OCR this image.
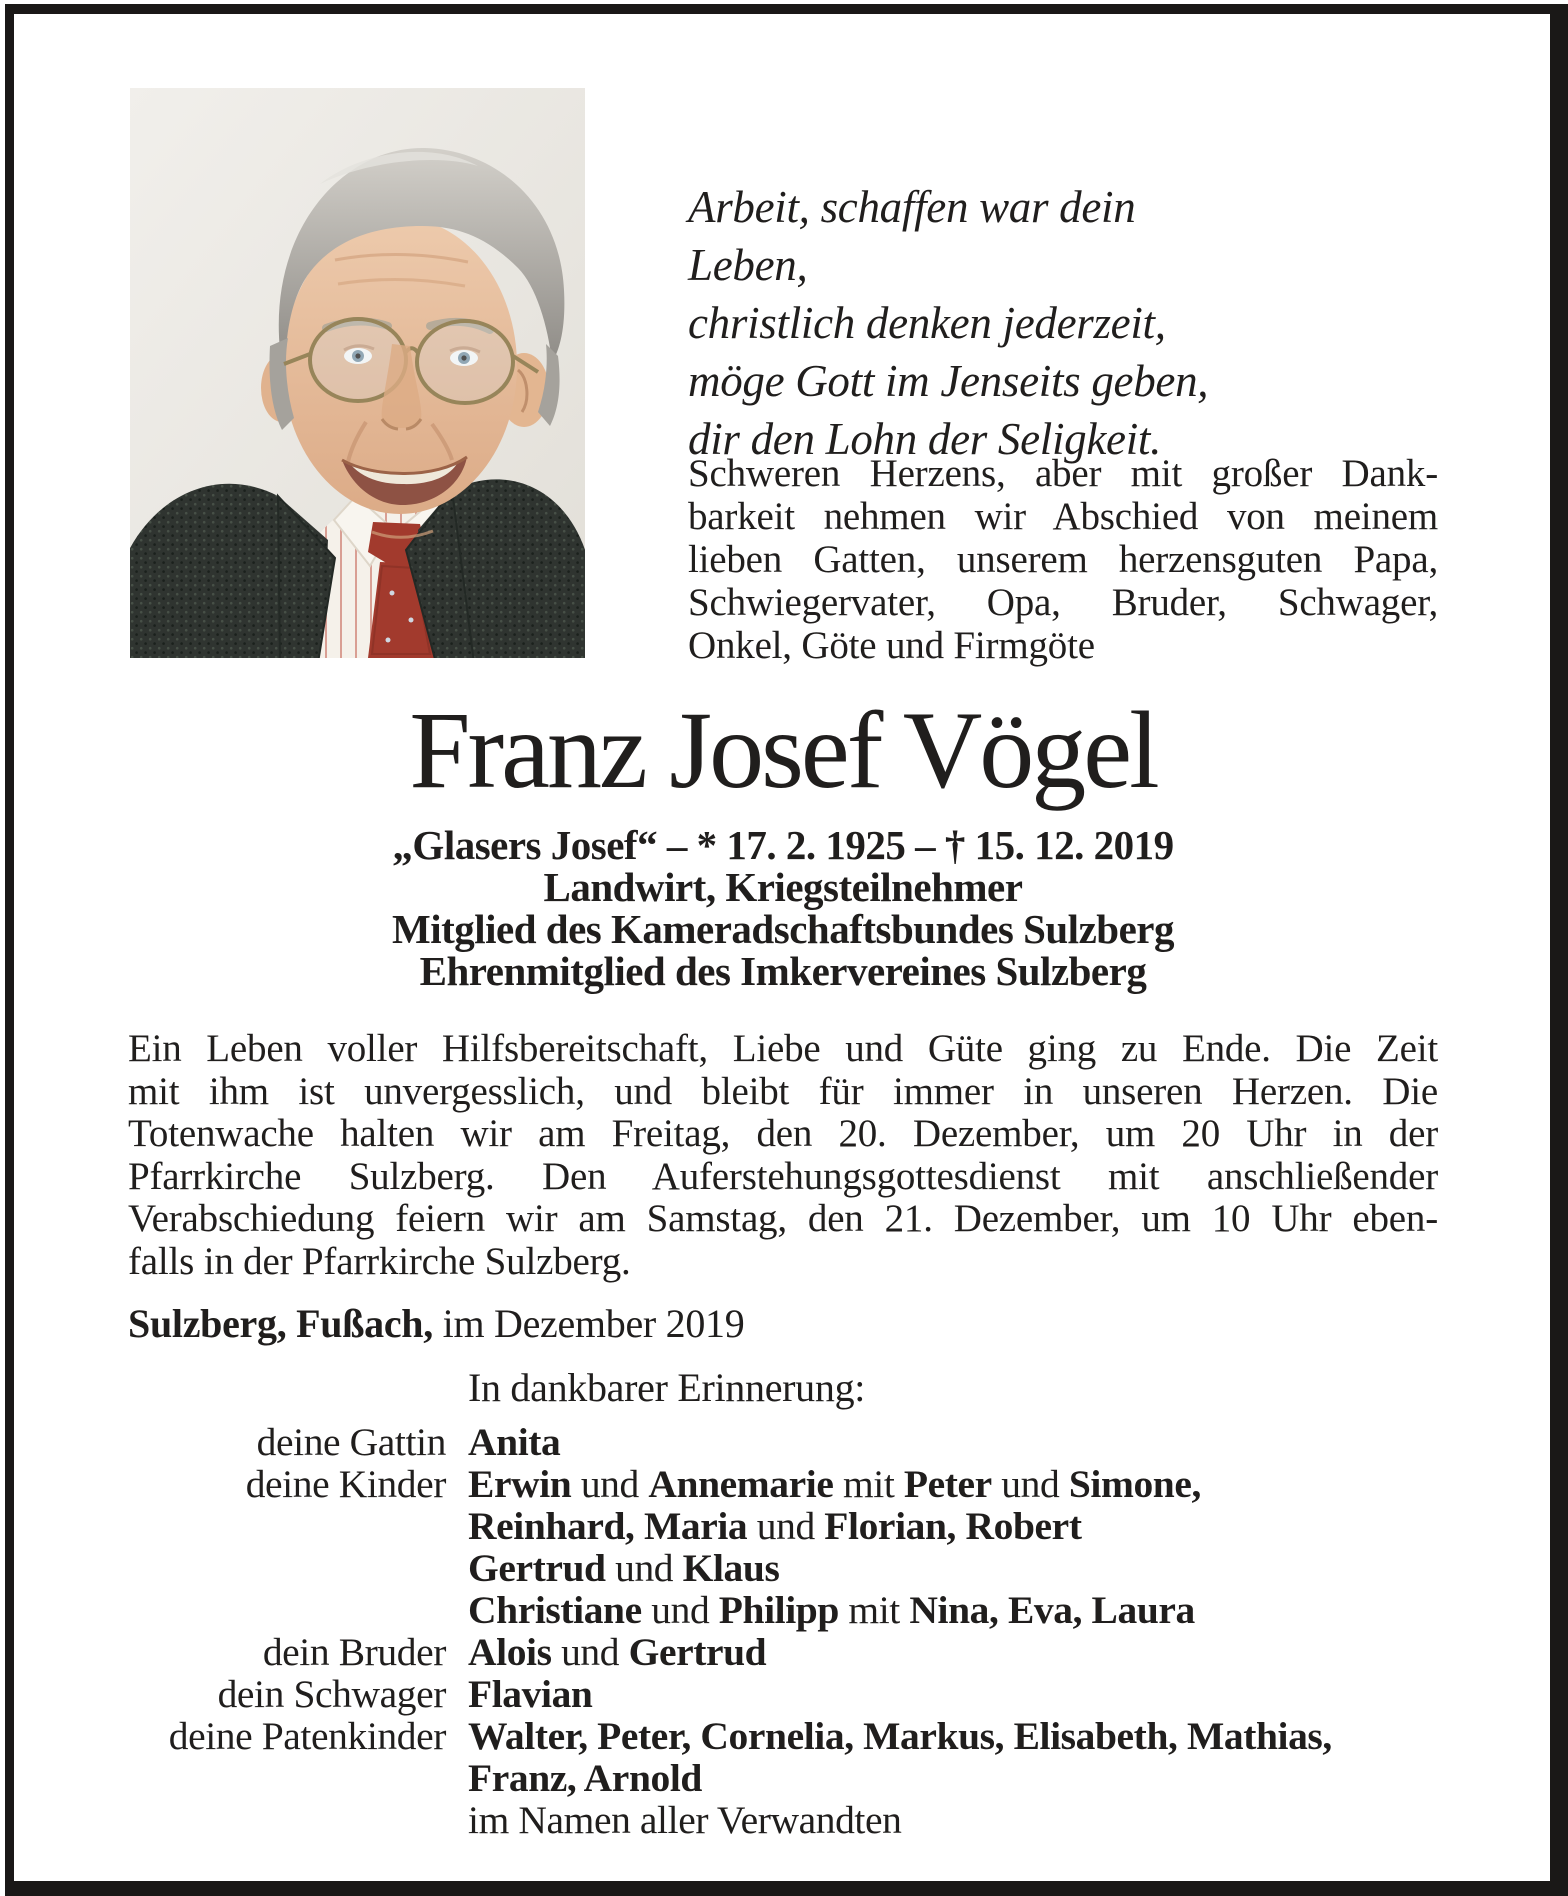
Arbeit, schaffen war dein Leben,
christlich denken jederzeit,
möge Gott im Jenseits geben,
dir den Lohn der Seligkeit.
Schweren Herzens, aber mit großer Dank-
barkeit nehmen wir Abschied von meinem
lieben Gatten, unserem herzensguten Papa,
Schwiegervater, Opa, Bruder, Schwager,
Onkel, Göte und Firmgöte
Franz Josef Vögel
„Glasers Josef“ – * 17. 2. 1925 – † 15. 12. 2019
Landwirt, Kriegsteilnehmer
Mitglied des Kameradschaftsbundes Sulzberg
Ehrenmitglied des Imkervereines Sulzberg
Ein Leben voller Hilfsbereitschaft, Liebe und Güte ging zu Ende. Die Zeit
mit ihm ist unvergesslich, und bleibt für immer in unseren Herzen. Die
Totenwache halten wir am Freitag, den 20. Dezember, um 20 Uhr in der
Pfarrkirche Sulzberg. Den Auferstehungsgottesdienst mit anschließender
Verabschiedung feiern wir am Samstag, den 21. Dezember, um 10 Uhr eben-
falls in der Pfarrkirche Sulzberg.
Sulzberg, Fußach, im Dezember 2019
In dankbarer Erinnerung:
deine Gattin Anita
deine Kinder Erwin und Annemarie mit Peter und Simone,
Reinhard, Maria und Florian, Robert
Gertrud und Klaus
Christiane und Philipp mit Nina, Eva, Laura
dein Bruder Alois und Gertrud
dein Schwager Flavian
deine Patenkinder Walter, Peter, Cornelia, Markus, Elisabeth, Mathias,
Franz, Arnold
im Namen aller Verwandten
